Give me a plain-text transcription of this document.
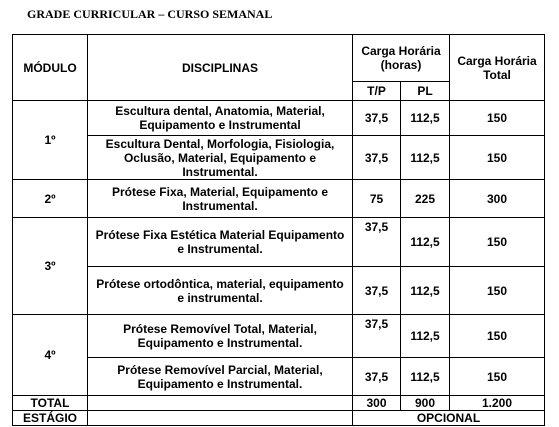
GRADE CURRICULAR – CURSO SEMANAL
MÓDULO	DISCIPLINAS	Carga Horária (horas)		Carga Horária Total
		T/P	PL	
1º	Escultura dental, Anatomia, Material, Equipamento e Instrumental	37,5	112,5	150
	Escultura Dental, Morfologia, Fisiologia, Oclusão, Material, Equipamento e Instrumental.	37,5	112,5	150
2º	Prótese Fixa, Material, Equipamento e Instrumental.	75	225	300
3º	Prótese Fixa Estética Material Equipamento e Instrumental.	37,5	112,5	150
	Prótese ortodôntica, material, equipamento e instrumental.	37,5	112,5	150
4º	Prótese Removível Total, Material, Equipamento e Instrumental.	37,5	112,5	150
	Prótese Removível Parcial, Material, Equipamento e Instrumental.	37,5	112,5	150
TOTAL		300	900	1.200
ESTÁGIO		OPCIONAL		
